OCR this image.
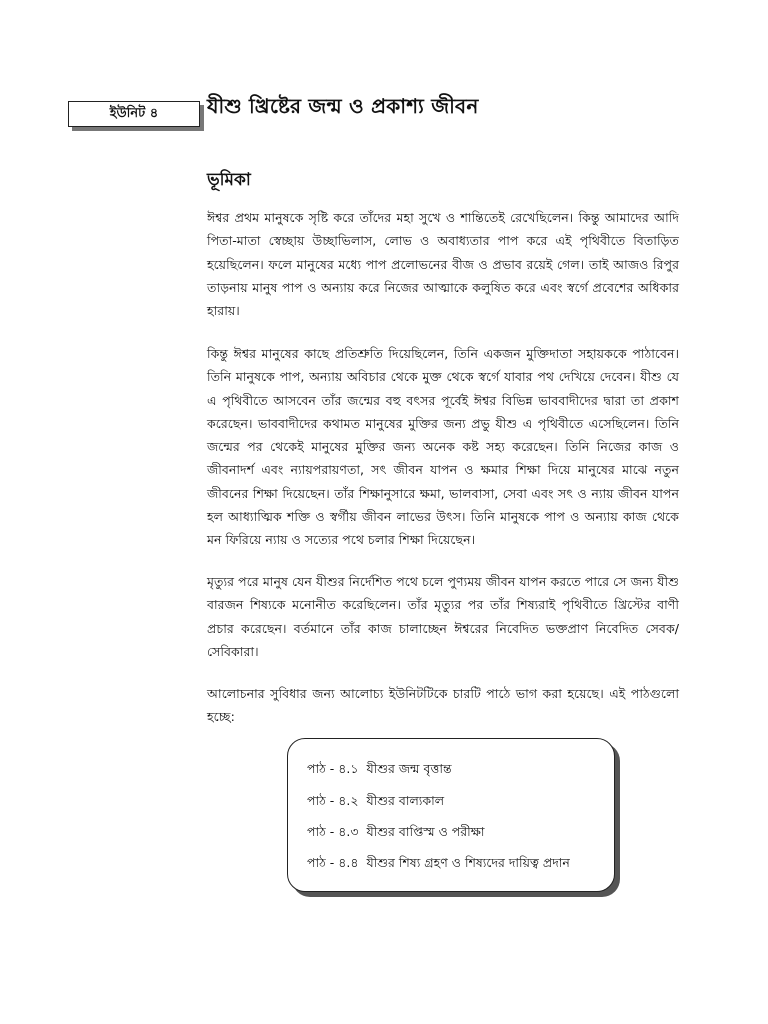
ইউনিট ৪ যীশু খ্রিষ্টের জন্ম ও প্রকাশ্য জীবন
ভূমিকা

ঈশ্বর প্রথম মানুষকে সৃষ্টি করে তাঁদের মহা সুখে ও শান্তিতেই রেখেছিলেন। কিন্তু আমাদের আদি পিতা-মাতা স্বেচ্ছায় উচ্ছাভিলাস, লোভ ও অবাধ্যতার পাপ করে এই পৃথিবীতে বিতাড়িত হয়েছিলেন। ফলে মানুষের মধ্যে পাপ প্রলোভনের বীজ ও প্রভাব রয়েই গেল। তাই আজও রিপুর তাড়নায় মানুষ পাপ ও অন্যায় করে নিজের আত্মাকে কলুষিত করে এবং স্বর্গে প্রবেশের অধিকার হারায়।

কিন্তু ঈশ্বর মানুষের কাছে প্রতিশ্রুতি দিয়েছিলেন, তিনি একজন মুক্তিদাতা সহায়ককে পাঠাবেন। তিনি মানুষকে পাপ, অন্যায় অবিচার থেকে মুক্ত থেকে স্বর্গে যাবার পথ দেখিয়ে দেবেন। যীশু যে এ পৃথিবীতে আসবেন তাঁর জন্মের বহু বৎসর পূর্বেই ঈশ্বর বিভিন্ন ভাববাদীদের দ্বারা তা প্রকাশ করেছেন। ভাববাদীদের কথামত মানুষের মুক্তির জন্য প্রভু যীশু এ পৃথিবীতে এসেছিলেন। তিনি জন্মের পর থেকেই মানুষের মুক্তির জন্য অনেক কষ্ট সহ্য করেছেন। তিনি নিজের কাজ ও জীবনাদর্শ এবং ন্যায়পরায়ণতা, সৎ জীবন যাপন ও ক্ষমার শিক্ষা দিয়ে মানুষের মাঝে নতুন জীবনের শিক্ষা দিয়েছেন। তাঁর শিক্ষানুসারে ক্ষমা, ভালবাসা, সেবা এবং সৎ ও ন্যায় জীবন যাপন হল আধ্যাত্মিক শক্তি ও স্বর্গীয় জীবন লাভের উৎস। তিনি মানুষকে পাপ ও অন্যায় কাজ থেকে মন ফিরিয়ে ন্যায় ও সত্যের পথে চলার শিক্ষা দিয়েছেন।

মৃত্যুর পরে মানুষ যেন যীশুর নির্দেশিত পথে চলে পুণ্যময় জীবন যাপন করতে পারে সে জন্য যীশু বারজন শিষ্যকে মনোনীত করেছিলেন। তাঁর মৃত্যুর পর তাঁর শিষ্যরাই পৃথিবীতে খ্রিস্টের বাণী প্রচার করেছেন। বর্তমানে তাঁর কাজ চালাচ্ছেন ঈশ্বরের নিবেদিত ভক্তপ্রাণ নিবেদিত সেবক/সেবিকারা।

আলোচনার সুবিধার জন্য আলোচ্য ইউনিটটিকে চারটি পাঠে ভাগ করা হয়েছে। এই পাঠগুলো হচ্ছে:

পাঠ - ৪.১ যীশুর জন্ম বৃত্তান্ত
পাঠ - ৪.২ যীশুর বাল্যকাল
পাঠ - ৪.৩ যীশুর বাপ্তিস্ম ও পরীক্ষা
পাঠ - ৪.৪ যীশুর শিষ্য গ্রহণ ও শিষ্যদের দায়িত্ব প্রদান
